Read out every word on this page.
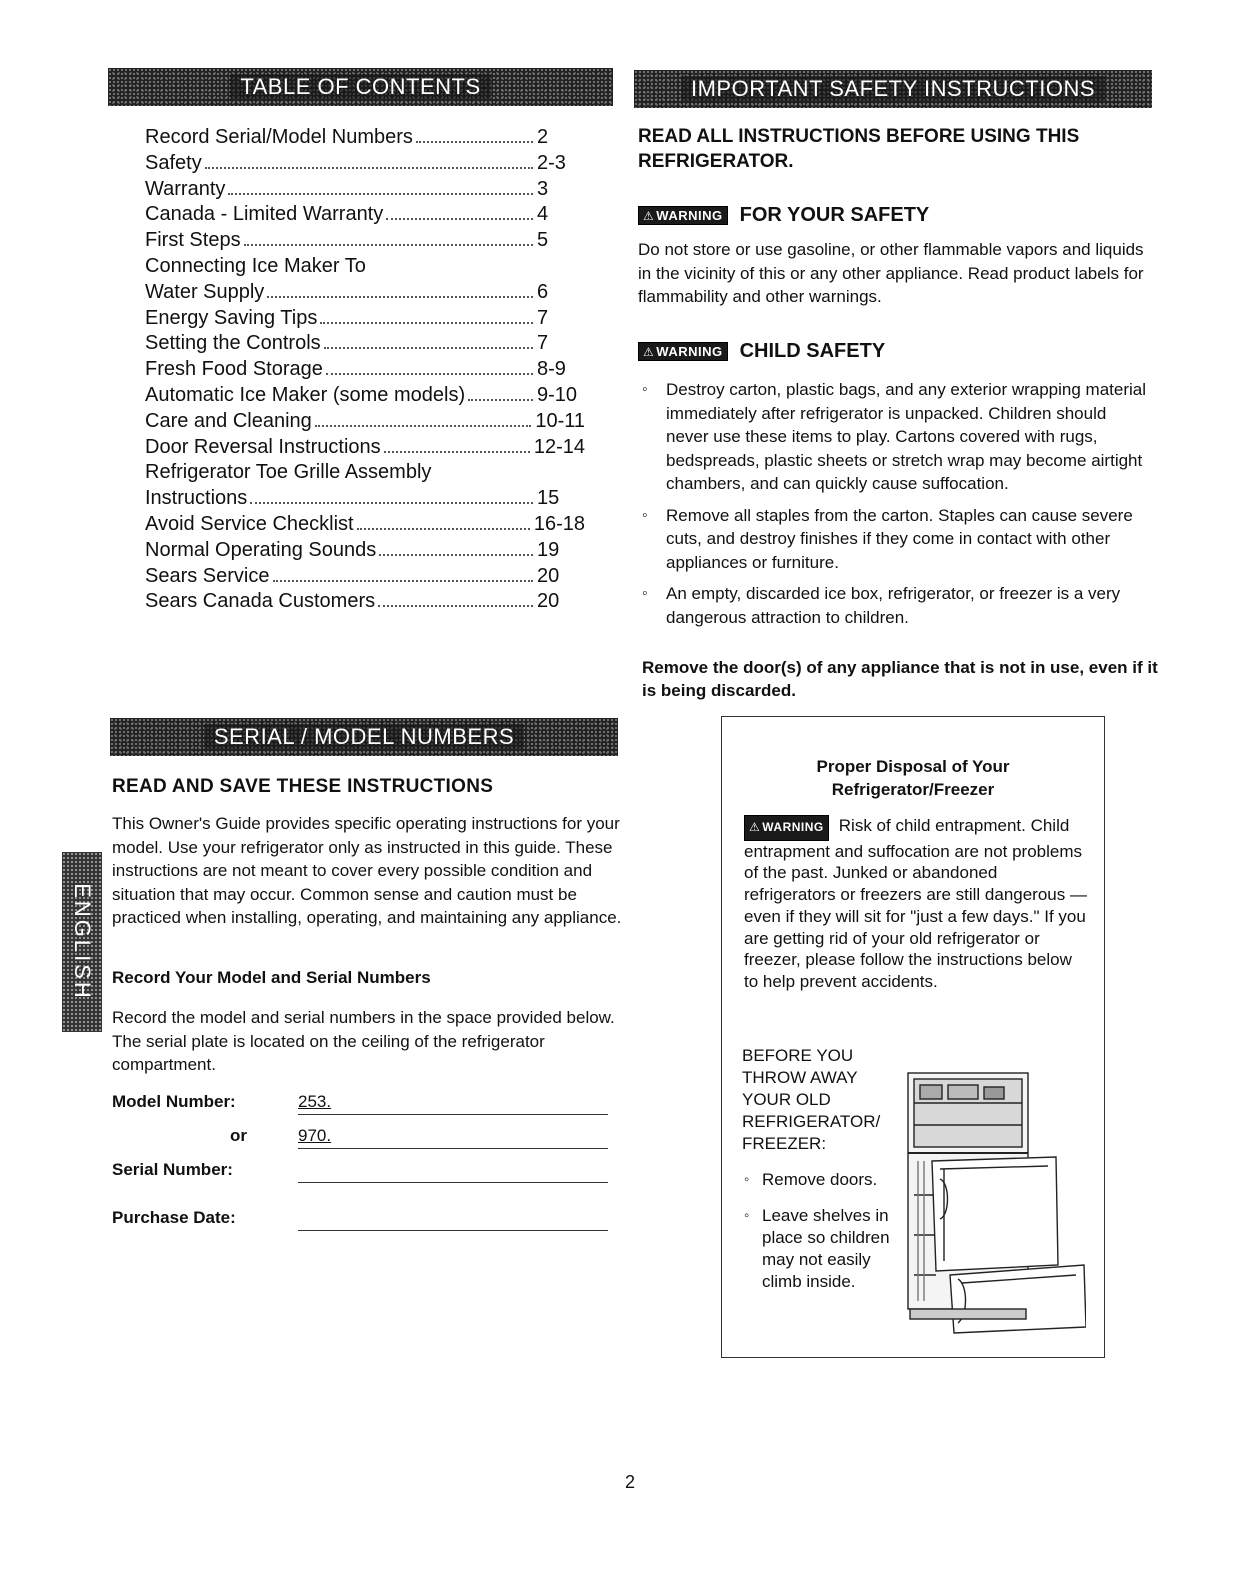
TABLE OF CONTENTS
Record Serial/Model Numbers	2
Safety	2-3
Warranty	3
Canada - Limited Warranty	4
First Steps	5
Connecting Ice Maker To
Water Supply	6
Energy Saving Tips	7
Setting the Controls	7
Fresh Food Storage	8-9
Automatic Ice Maker (some models)	9-10
Care and Cleaning	10-11
Door Reversal Instructions	12-14
Refrigerator Toe Grille Assembly
Instructions	15
Avoid Service Checklist	16-18
Normal Operating Sounds	19
Sears Service	20
Sears Canada Customers	20
IMPORTANT SAFETY INSTRUCTIONS
READ ALL INSTRUCTIONS BEFORE USING THIS REFRIGERATOR.
⚠ WARNING FOR YOUR SAFETY
Do not store or use gasoline, or other flammable vapors and liquids in the vicinity of this or any other appliance. Read product labels for flammability and other warnings.
⚠ WARNING CHILD SAFETY
◦ Destroy carton, plastic bags, and any exterior wrapping material immediately after refrigerator is unpacked. Children should never use these items to play. Cartons covered with rugs, bedspreads, plastic sheets or stretch wrap may become airtight chambers, and can quickly cause suffocation.
◦ Remove all staples from the carton. Staples can cause severe cuts, and destroy finishes if they come in contact with other appliances or furniture.
◦ An empty, discarded ice box, refrigerator, or freezer is a very dangerous attraction to children.
Remove the door(s) of any appliance that is not in use, even if it is being discarded.
SERIAL / MODEL NUMBERS
READ AND SAVE THESE INSTRUCTIONS
This Owner's Guide provides specific operating instructions for your model. Use your refrigerator only as instructed in this guide. These instructions are not meant to cover every possible condition and situation that may occur. Common sense and caution must be practiced when installing, operating, and maintaining any appliance.
ENGLISH Record Your Model and Serial Numbers
Record the model and serial numbers in the space provided below. The serial plate is located on the ceiling of the refrigerator compartment.
Model Number:	253.
or	970.
Serial Number:
Purchase Date:
Proper Disposal of Your
Refrigerator/Freezer
⚠ WARNING Risk of child entrapment. Child entrapment and suffocation are not problems of the past. Junked or abandoned refrigerators or freezers are still dangerous — even if they will sit for "just a few days." If you are getting rid of your old refrigerator or freezer, please follow the instructions below to help prevent accidents.
BEFORE YOU THROW AWAY YOUR OLD REFRIGERATOR/ FREEZER:
◦ Remove doors.
◦ Leave shelves in place so children may not easily climb inside.
2
